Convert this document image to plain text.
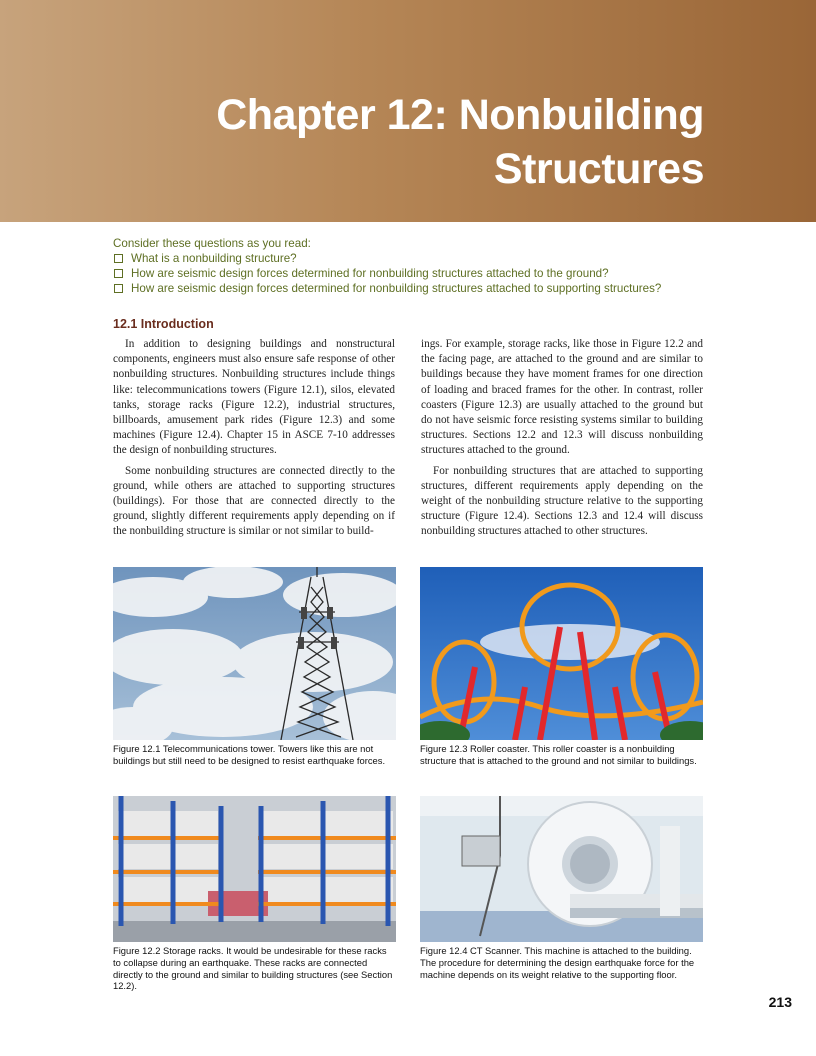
Chapter 12: Nonbuilding
Structures
Consider these questions as you read:
What is a nonbuilding structure?
How are seismic design forces determined for nonbuilding structures attached to the ground?
How are seismic design forces determined for nonbuilding structures attached to supporting structures?
12.1 Introduction

In addition to designing buildings and nonstructural components, engineers must also ensure safe response of other nonbuilding structures. Nonbuilding structures include things like: telecommunications towers (Figure 12.1), silos, elevated tanks, storage racks (Figure 12.2), industrial structures, billboards, amusement park rides (Figure 12.3) and some machines (Figure 12.4). Chapter 15 in ASCE 7-10 addresses the design of nonbuilding structures.

Some nonbuilding structures are connected directly to the ground, while others are attached to supporting structures (buildings). For those that are connected directly to the ground, slightly different requirements apply depending on if the nonbuilding structure is similar or not similar to build-

ings. For example, storage racks, like those in Figure 12.2 and the facing page, are attached to the ground and are similar to buildings because they have moment frames for one direction of loading and braced frames for the other. In contrast, roller coasters (Figure 12.3) are usually attached to the ground but do not have seismic force resisting systems similar to building structures. Sections 12.2 and 12.3 will discuss nonbuilding structures attached to the ground.

For nonbuilding structures that are attached to supporting structures, different requirements apply depending on the weight of the nonbuilding structure relative to the supporting structure (Figure 12.4). Sections 12.3 and 12.4 will discuss nonbuilding structures attached to other structures.

Figure 12.1 Telecommunications tower. Towers like this are not buildings but still need to be designed to resist earthquake forces.
Figure 12.3 Roller coaster. This roller coaster is a nonbuilding structure that is attached to the ground and not similar to buildings.
Figure 12.2 Storage racks. It would be undesirable for these racks to collapse during an earthquake. These racks are connected directly to the ground and similar to building structures (see Section 12.2).
Figure 12.4 CT Scanner. This machine is attached to the building. The procedure for determining the design earthquake force for the machine depends on its weight relative to the supporting floor.
213
